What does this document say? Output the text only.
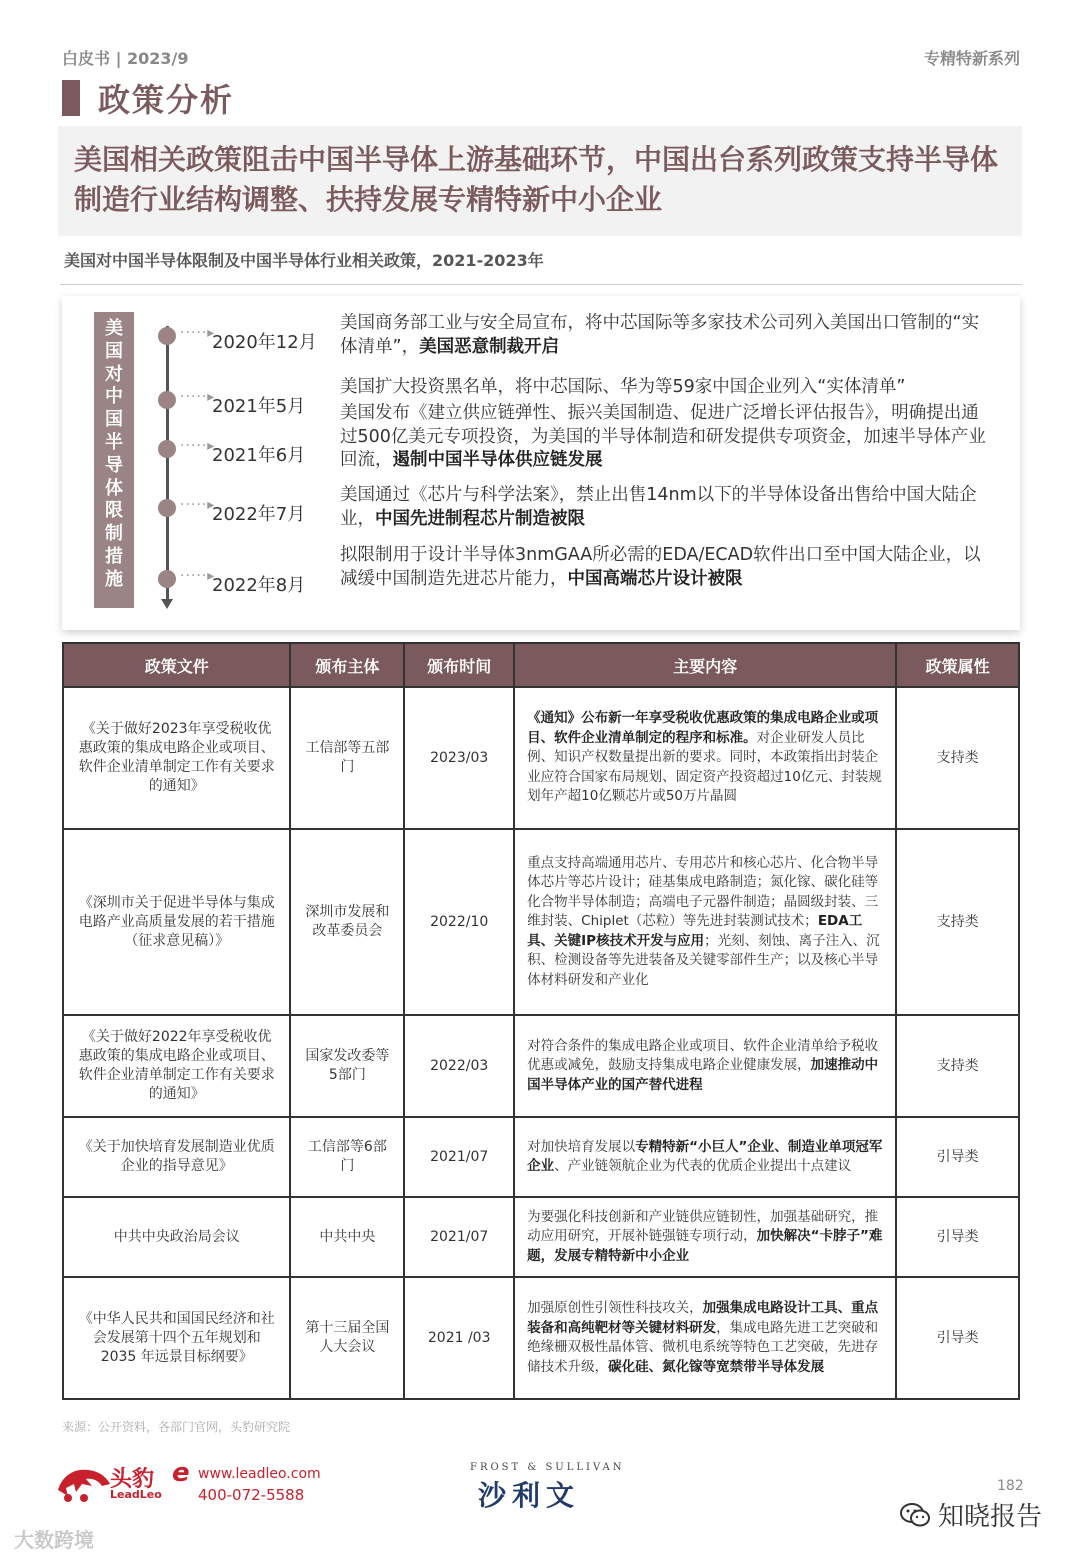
白皮书 | 2023/9	专精特新系列
政策分析

美国相关政策阻击中国半导体上游基础环节，中国出台系列政策支持半导体制造行业结构调整、扶持发展专精特新中小企业

美国对中国半导体限制及中国半导体行业相关政策，2021-2023年
美
国
对
中
国
半
导
体
限
制
措
施
·····▸
2020年12月
美国商务部工业与安全局宣布，将中芯国际等多家技术公司列入美国出口管制的“实体清单”，美国恶意制裁开启
·····▸
2021年5月
美国扩大投资黑名单，将中芯国际、华为等59家中国企业列入“实体清单”
·····▸
2021年6月
美国发布《建立供应链弹性、振兴美国制造、促进广泛增长评估报告》，明确提出通过500亿美元专项投资，为美国的半导体制造和研发提供专项资金，加速半导体产业回流，遏制中国半导体供应链发展
·····▸
2022年7月
美国通过《芯片与科学法案》，禁止出售14nm以下的半导体设备出售给中国大陆企业，中国先进制程芯片制造被限
·····▸
2022年8月
拟限制用于设计半导体3nmGAA所必需的EDA/ECAD软件出口至中国大陆企业，以减缓中国制造先进芯片能力，中国高端芯片设计被限
政策文件	颁布主体	颁布时间	主要内容	政策属性
《关于做好2023年享受税收优惠政策的集成电路企业或项目、软件企业清单制定工作有关要求的通知》	工信部等五部门	2023/03	《通知》公布新一年享受税收优惠政策的集成电路企业或项目、软件企业清单制定的程序和标准。对企业研发人员比例、知识产权数量提出新的要求。同时，本政策指出封装企业应符合国家布局规划、固定资产投资超过10亿元、封装规划年产超10亿颗芯片或50万片晶圆	支持类
《深圳市关于促进半导体与集成电路产业高质量发展的若干措施（征求意见稿）》	深圳市发展和改革委员会	2022/10	重点支持高端通用芯片、专用芯片和核心芯片、化合物半导体芯片等芯片设计；硅基集成电路制造；氮化镓、碳化硅等化合物半导体制造；高端电子元器件制造；晶圆级封装、三维封装、Chiplet（芯粒）等先进封装测试技术；EDA工具、关键IP核技术开发与应用；光刻、刻蚀、离子注入、沉积、检测设备等先进装备及关键零部件生产；以及核心半导体材料研发和产业化	支持类
《关于做好2022年享受税收优惠政策的集成电路企业或项目、软件企业清单制定工作有关要求的通知》	国家发改委等5部门	2022/03	对符合条件的集成电路企业或项目、软件企业清单给予税收优惠或减免，鼓励支持集成电路企业健康发展，加速推动中国半导体产业的国产替代进程	支持类
《关于加快培育发展制造业优质企业的指导意见》	工信部等6部门	2021/07	对加快培育发展以专精特新“小巨人”企业、制造业单项冠军企业、产业链领航企业为代表的优质企业提出十点建议	引导类
中共中央政治局会议	中共中央	2021/07	为要强化科技创新和产业链供应链韧性，加强基础研究，推动应用研究，开展补链强链专项行动，加快解决“卡脖子”难题，发展专精特新中小企业	引导类
《中华人民共和国国民经济和社会发展第十四个五年规划和 2035 年远景目标纲要》	第十三届全国人大会议	2021 /03	加强原创性引领性科技攻关，加强集成电路设计工具、重点装备和高纯靶材等关键材料研发，集成电路先进工艺突破和绝缘栅双极性晶体管、微机电系统等特色工艺突破，先进存储技术升级，碳化硅、氮化镓等宽禁带半导体发展	引导类
来源：公开资料，各部门官网，头豹研究院
头豹
LeadLeo
e www.leadleo.com
400-072-5588
FROST & SULLIVAN
沙利文	182
知晓报告
大数跨境
